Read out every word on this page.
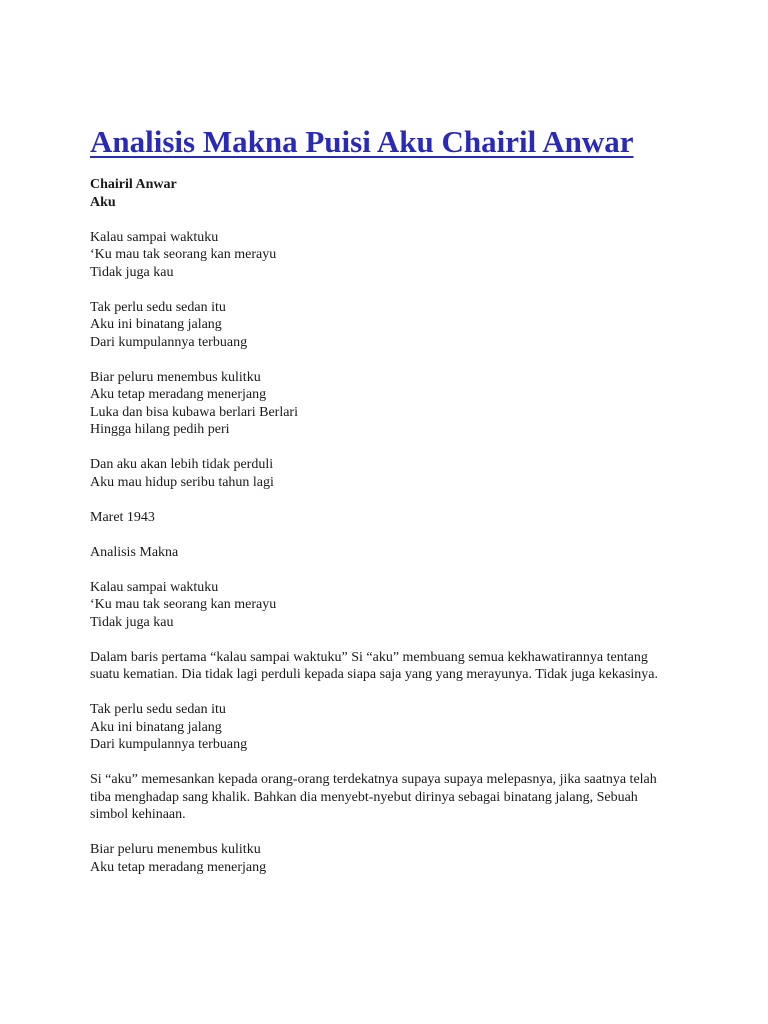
Analisis Makna Puisi Aku Chairil Anwar
Chairil Anwar
Aku
Kalau sampai waktuku
‘Ku mau tak seorang kan merayu
Tidak juga kau
Tak perlu sedu sedan itu
Aku ini binatang jalang
Dari kumpulannya terbuang
Biar peluru menembus kulitku
Aku tetap meradang menerjang
Luka dan bisa kubawa berlari Berlari
Hingga hilang pedih peri
Dan aku akan lebih tidak perduli
Aku mau hidup seribu tahun lagi
Maret 1943
Analisis Makna
Kalau sampai waktuku
‘Ku mau tak seorang kan merayu
Tidak juga kau
Dalam baris pertama “kalau sampai waktuku” Si “aku” membuang semua kekhawatirannya tentang suatu kematian. Dia tidak lagi perduli kepada siapa saja yang yang merayunya. Tidak juga kekasinya.
Tak perlu sedu sedan itu
Aku ini binatang jalang
Dari kumpulannya terbuang
Si “aku” memesankan kepada orang-orang terdekatnya supaya supaya melepasnya, jika saatnya telah tiba menghadap sang khalik. Bahkan dia menyebt-nyebut dirinya sebagai binatang jalang, Sebuah simbol kehinaan.
Biar peluru menembus kulitku
Aku tetap meradang menerjang
